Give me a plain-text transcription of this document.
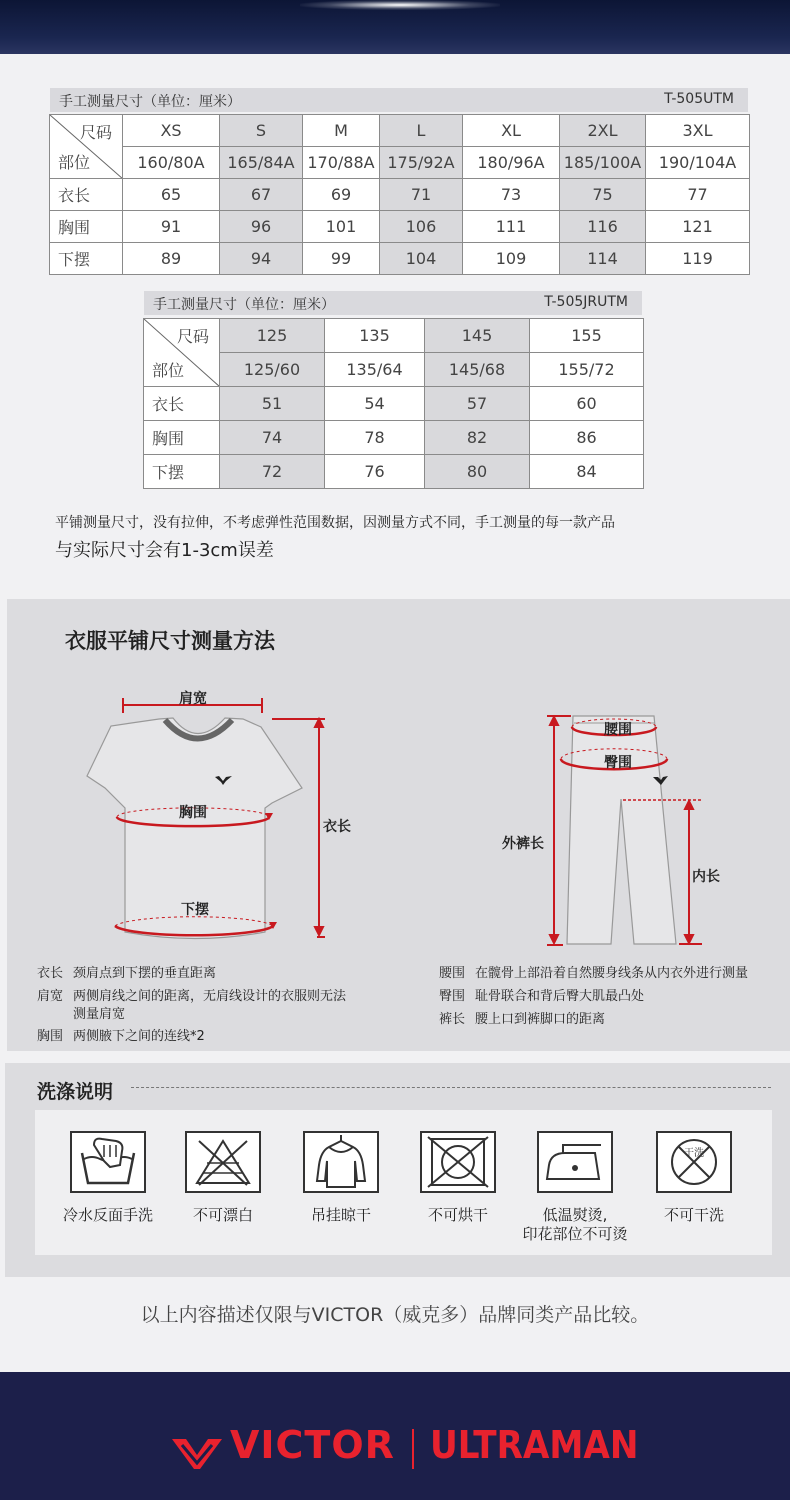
手工测量尺寸（单位：厘米）	T-505UTM
尺码
部位	XS	S	M	L	XL	2XL	3XL
	160/80A	165/84A	170/88A	175/92A	180/96A	185/100A	190/104A
衣长	65	67	69	71	73	75	77
胸围	91	96	101	106	111	116	121
下摆	89	94	99	104	109	114	119
手工测量尺寸（单位：厘米）	T-505JRUTM
尺码
部位	125	135	145	155
	125/60	135/64	145/68	155/72
衣长	51	54	57	60
胸围	74	78	82	86
下摆	72	76	80	84
平铺测量尺寸，没有拉伸，不考虑弹性范围数据，因测量方式不同，手工测量的每一款产品
与实际尺寸会有1-3cm误差
衣服平铺尺寸测量方法
肩宽
胸围
衣长
下摆
腰围
臀围
外裤长
内长
衣长 颈肩点到下摆的垂直距离
肩宽 两侧肩线之间的距离，无肩线设计的衣服则无法
测量肩宽
胸围 两侧腋下之间的连线*2
腰围 在髋骨上部沿着自然腰身线条从内衣外进行测量
臀围 耻骨联合和背后臀大肌最凸处
裤长 腰上口到裤脚口的距离
洗涤说明
冷水反面手洗	不可漂白	吊挂晾干	不可烘干	低温熨烫,
印花部位不可烫
干洗
不可干洗
以上内容描述仅限与VICTOR（威克多）品牌同类产品比较。
VICTOR ULTRAMAN
